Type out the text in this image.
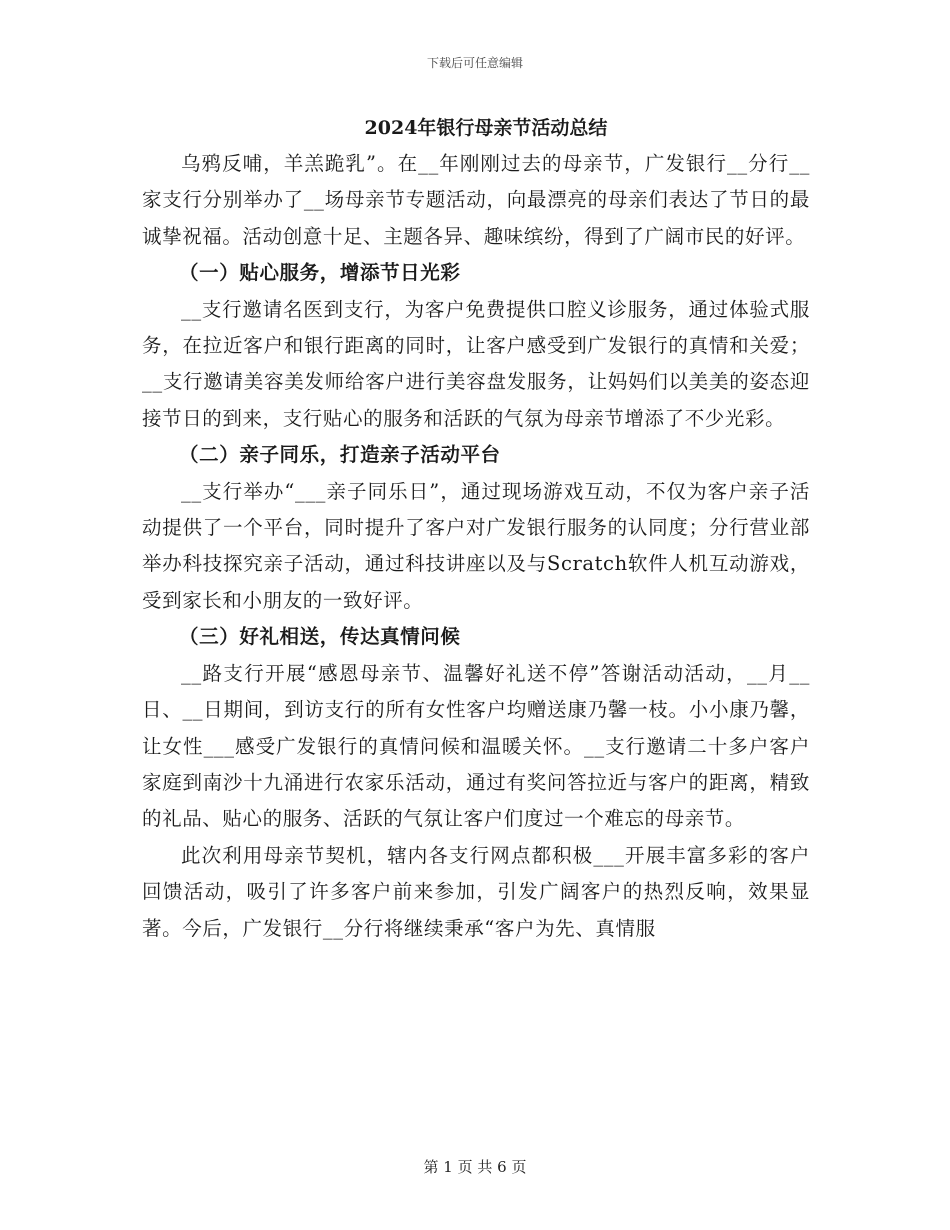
下载后可任意编辑
2024年银行母亲节活动总结

乌鸦反哺，羊羔跪乳”。在__年刚刚过去的母亲节，广发银行__分行__家支行分别举办了__场母亲节专题活动，向最漂亮的母亲们表达了节日的最诚挚祝福。活动创意十足、主题各异、趣味缤纷，得到了广阔市民的好评。

（一）贴心服务，增添节日光彩

__支行邀请名医到支行，为客户免费提供口腔义诊服务，通过体验式服务，在拉近客户和银行距离的同时，让客户感受到广发银行的真情和关爱；__支行邀请美容美发师给客户进行美容盘发服务，让妈妈们以美美的姿态迎接节日的到来，支行贴心的服务和活跃的气氛为母亲节增添了不少光彩。

（二）亲子同乐，打造亲子活动平台

__支行举办“___亲子同乐日”，通过现场游戏互动，不仅为客户亲子活动提供了一个平台，同时提升了客户对广发银行服务的认同度；分行营业部举办科技探究亲子活动，通过科技讲座以及与Scratch软件人机互动游戏，受到家长和小朋友的一致好评。

（三）好礼相送，传达真情问候

__路支行开展“感恩母亲节、温馨好礼送不停”答谢活动活动，__月__日、__日期间，到访支行的所有女性客户均赠送康乃馨一枝。小小康乃馨，让女性___感受广发银行的真情问候和温暖关怀。__支行邀请二十多户客户家庭到南沙十九涌进行农家乐活动，通过有奖问答拉近与客户的距离，精致的礼品、贴心的服务、活跃的气氛让客户们度过一个难忘的母亲节。

此次利用母亲节契机，辖内各支行网点都积极___开展丰富多彩的客户回馈活动，吸引了许多客户前来参加，引发广阔客户的热烈反响，效果显著。今后，广发银行__分行将继续秉承“客户为先、真情服

第 1 页 共 6 页
